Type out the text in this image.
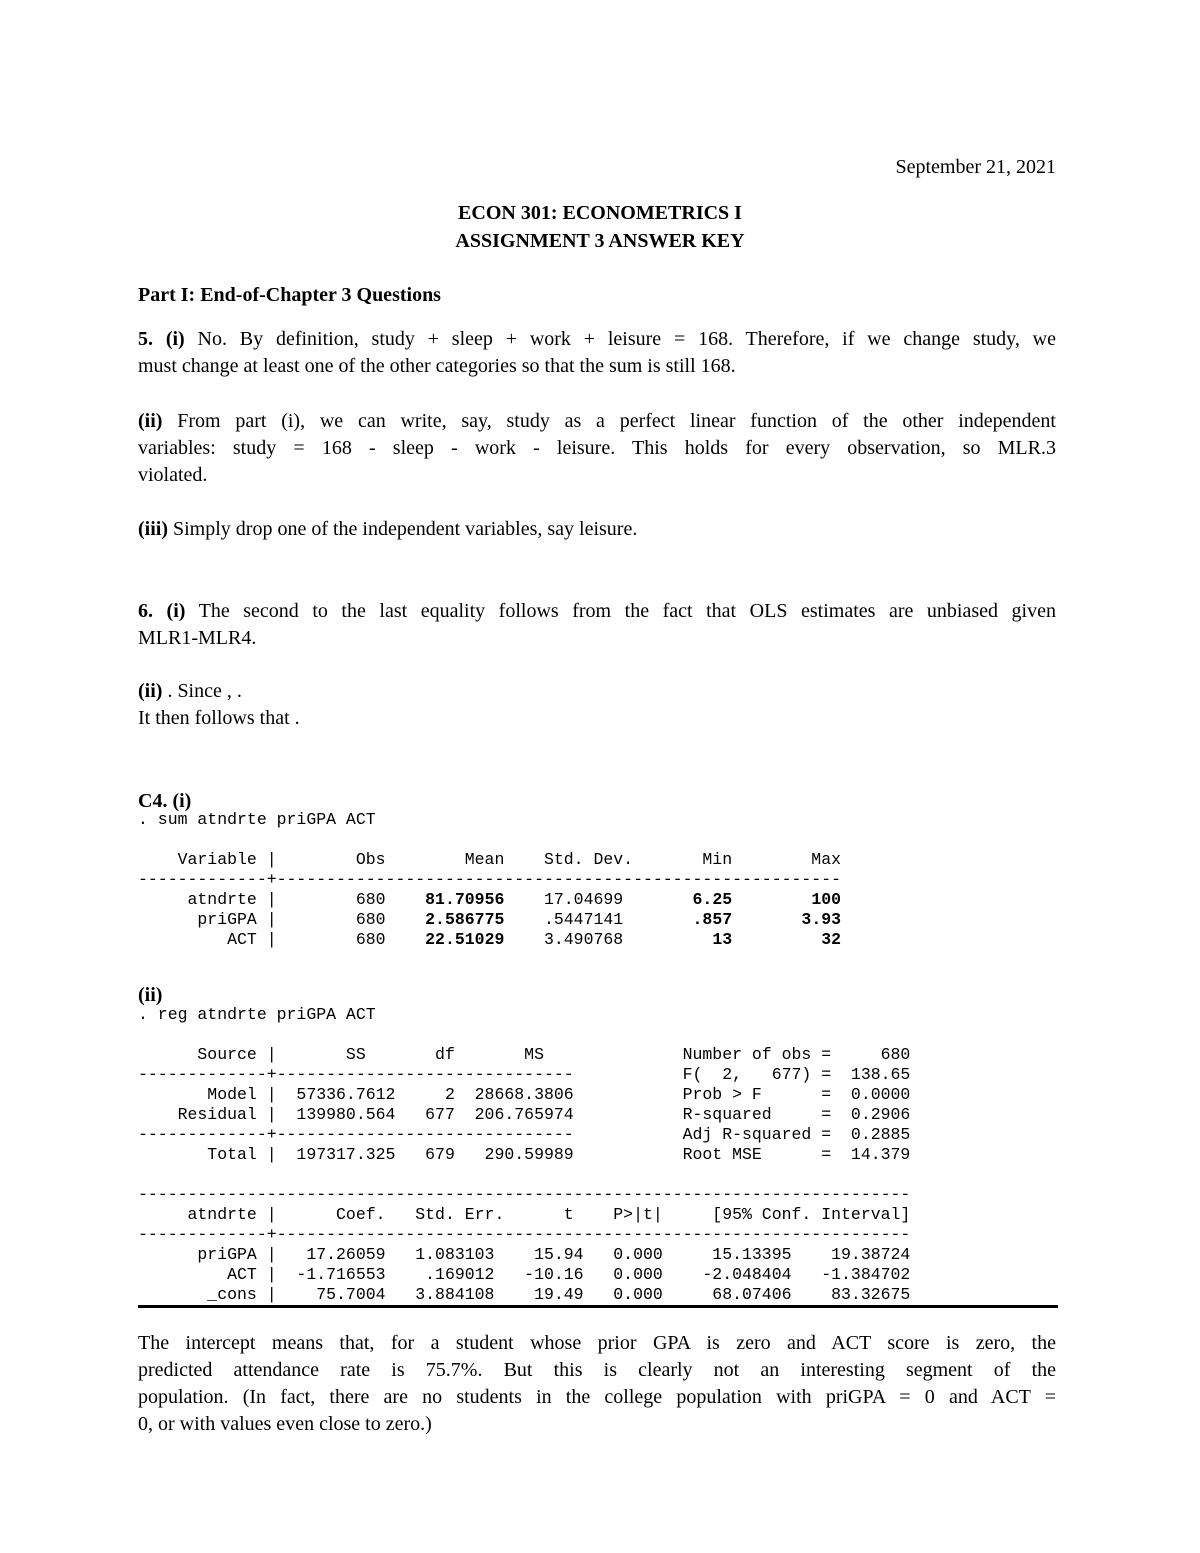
September 21, 2021
ECON 301: ECONOMETRICS I
ASSIGNMENT 3 ANSWER KEY
Part I: End-of-Chapter 3 Questions
5. (i) No. By definition, study + sleep + work + leisure = 168. Therefore, if we change study, we
must change at least one of the other categories so that the sum is still 168.
(ii) From part (i), we can write, say, study as a perfect linear function of the other independent
variables: study = 168 - sleep - work - leisure. This holds for every observation, so MLR.3
violated.
(iii) Simply drop one of the independent variables, say leisure.
6. (i) The second to the last equality follows from the fact that OLS estimates are unbiased given
MLR1-MLR4.
(ii) . Since , .
It then follows that .
C4. (i)
. sum atndrte priGPA ACT

Variable |        Obs        Mean    Std. Dev.       Min        Max
-------------+---------------------------------------------------------
atndrte |        680    81.70956    17.04699       6.25        100
priGPA |        680    2.586775    .5447141       .857       3.93
ACT |        680    22.51029    3.490768         13         32
(ii)
. reg atndrte priGPA ACT

Source |       SS       df       MS              Number of obs =     680
-------------+------------------------------           F(  2,   677) =  138.65
Model |  57336.7612     2  28668.3806           Prob > F      =  0.0000
Residual |  139980.564   677  206.765974           R-squared     =  0.2906
-------------+------------------------------           Adj R-squared =  0.2885
Total |  197317.325   679   290.59989           Root MSE      =  14.379

------------------------------------------------------------------------------
atndrte |      Coef.   Std. Err.      t    P>|t|     [95% Conf. Interval]
-------------+----------------------------------------------------------------
priGPA |   17.26059   1.083103    15.94   0.000     15.13395    19.38724
ACT |  -1.716553    .169012   -10.16   0.000    -2.048404   -1.384702
_cons |    75.7004   3.884108    19.49   0.000     68.07406    83.32675
The intercept means that, for a student whose prior GPA is zero and ACT score is zero, the
predicted attendance rate is 75.7%. But this is clearly not an interesting segment of the
population. (In fact, there are no students in the college population with priGPA = 0 and ACT =
0, or with values even close to zero.)
